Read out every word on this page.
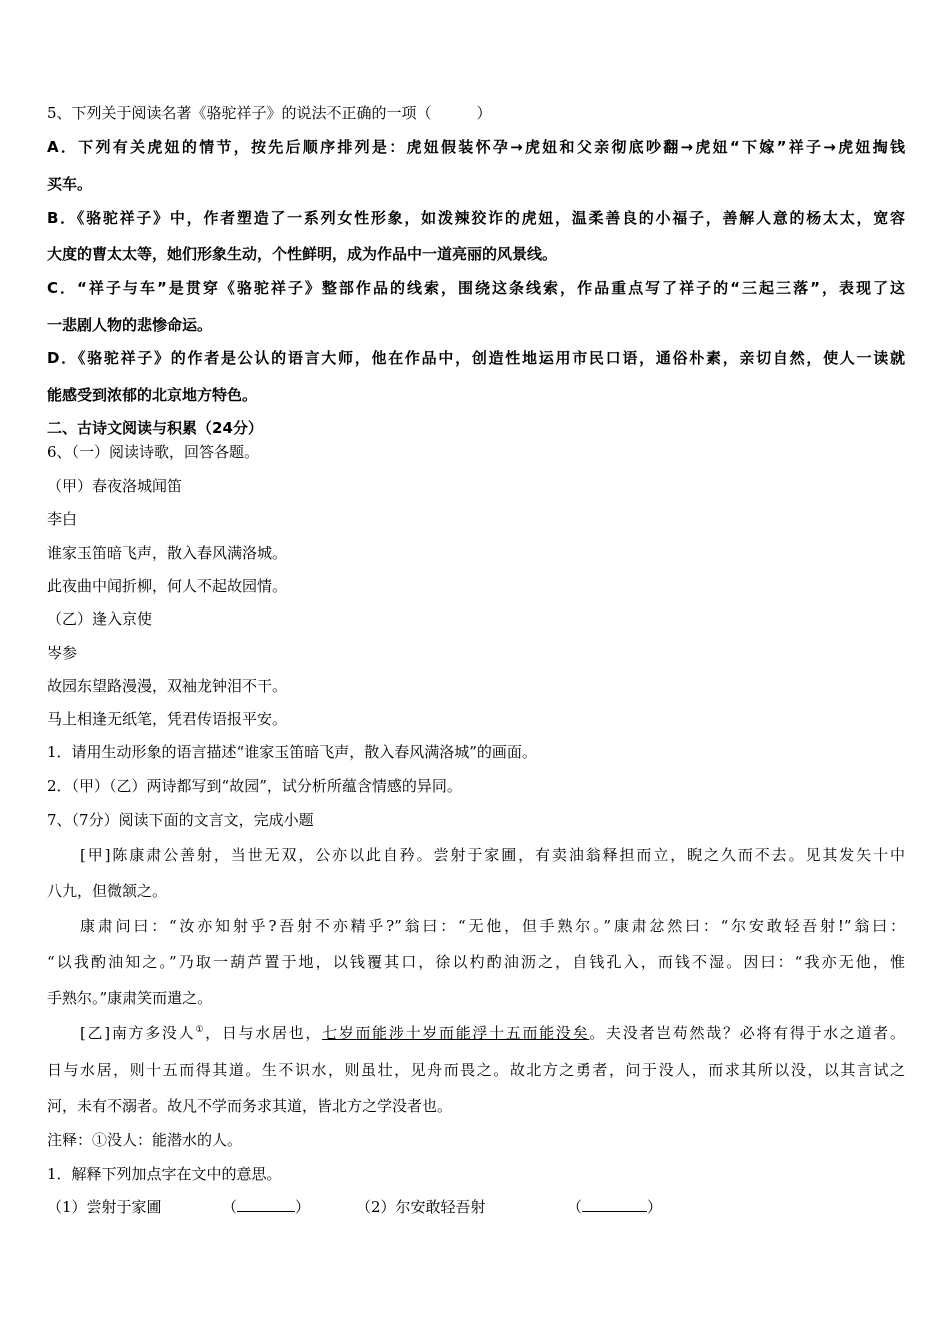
5、下列关于阅读名著《骆驼祥子》的说法不正确的一项（　　　）
A．下列有关虎妞的情节，按先后顺序排列是：虎妞假装怀孕→虎妞和父亲彻底吵翻→虎妞“下嫁”祥子→虎妞掏钱
买车。
B．《骆驼祥子》中，作者塑造了一系列女性形象，如泼辣狡诈的虎妞，温柔善良的小福子，善解人意的杨太太，宽容
大度的曹太太等，她们形象生动，个性鲜明，成为作品中一道亮丽的风景线。
C．“祥子与车”是贯穿《骆驼祥子》整部作品的线索，围绕这条线索，作品重点写了祥子的“三起三落”，表现了这
一悲剧人物的悲惨命运。
D．《骆驼祥子》的作者是公认的语言大师，他在作品中，创造性地运用市民口语，通俗朴素，亲切自然，使人一读就
能感受到浓郁的北京地方特色。
二、古诗文阅读与积累（24分）
6、（一）阅读诗歌，回答各题。
（甲）春夜洛城闻笛
李白
谁家玉笛暗飞声，散入春风满洛城。
此夜曲中闻折柳，何人不起故园情。
（乙）逢入京使
岑参
故园东望路漫漫，双袖龙钟泪不干。
马上相逢无纸笔，凭君传语报平安。
1．请用生动形象的语言描述“谁家玉笛暗飞声，散入春风满洛城”的画面。
2．（甲）（乙）两诗都写到“故园”，试分析所蕴含情感的异同。
7、（7分）阅读下面的文言文，完成小题
[甲]陈康肃公善射，当世无双，公亦以此自矜。尝射于家圃，有卖油翁释担而立，睨之久而不去。见其发矢十中
八九，但微颔之。
康肃问曰：“汝亦知射乎?吾射不亦精乎?”翁曰：“无他，但手熟尔。”康肃忿然曰：“尔安敢轻吾射!”翁曰：
“以我酌油知之。”乃取一葫芦置于地，以钱覆其口，徐以杓酌油沥之，自钱孔入，而钱不湿。因曰：“我亦无他，惟
手熟尔。”康肃笑而遣之。
[乙]南方多没人①，日与水居也，七岁而能涉十岁而能浮十五而能没矣。夫没者岂苟然哉？必将有得于水之道者。
日与水居，则十五而得其道。生不识水，则虽壮，见舟而畏之。故北方之勇者，问于没人，而求其所以没，以其言试之
河，未有不溺者。故凡不学而务求其道，皆北方之学没者也。
注释：①没人：能潜水的人。
1．解释下列加点字在文中的意思。
（1）尝射于家圃	（	）	（2）尔安敢轻吾射	（	）
